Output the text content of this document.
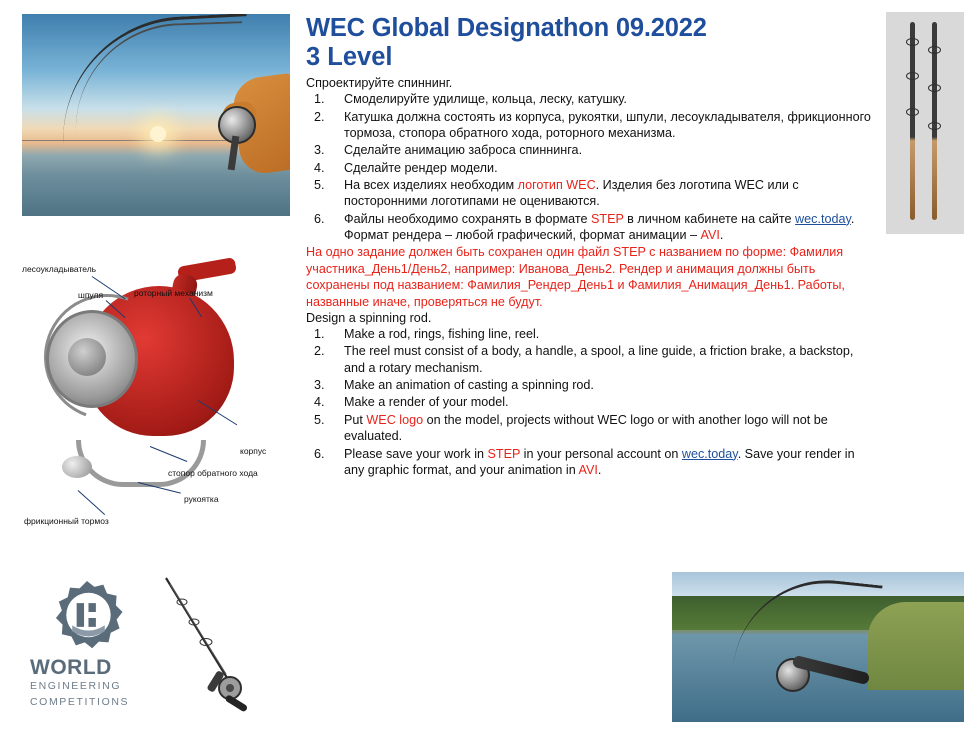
лесоукладыватель
шпуля	роторный механизм
корпус
стопор обратного хода
рукоятка
фрикционный тормоз
WORLD
ENGINEERING
COMPETITIONS
WEC Global Designathon 09.2022
3 Level

Спроектируйте спиннинг.

1.	Смоделируйте удилище, кольца, леску, катушку.
2.	Катушка должна состоять из корпуса, рукоятки, шпули, лесоукладывателя, фрикционного тормоза, стопора обратного хода, роторного механизма.
3.	Сделайте анимацию заброса спиннинга.
4.	Сделайте рендер модели.
5.	На всех изделиях необходим логотип WEC. Изделия без логотипа WEC или с посторонними логотипами не оцениваются.
6.	Файлы необходимо сохранять в формате STEP в личном кабинете на сайте wec.today. Формат рендера – любой графический, формат анимации – AVI.

На одно задание должен быть сохранен один файл STEP с названием по форме: Фамилия участника_День1/День2, например: Иванова_День2. Рендер и анимация должны быть сохранены под названием: Фамилия_Рендер_День1 и Фамилия_Анимация_День1. Работы, названные иначе, проверяться не будут.

Design a spinning rod.

1.	Make a rod, rings, fishing line, reel.
2.	The reel must consist of a body, a handle, a spool, a line guide, a friction brake, a backstop, and a rotary mechanism.
3.	Make an animation of casting a spinning rod.
4.	Make a render of your model.
5.	Put WEC logo on the model, projects without WEC logo or with another logo will not be evaluated.
6.	Please save your work in STEP in your personal account on wec.today. Save your render in any graphic format, and your animation in AVI.
